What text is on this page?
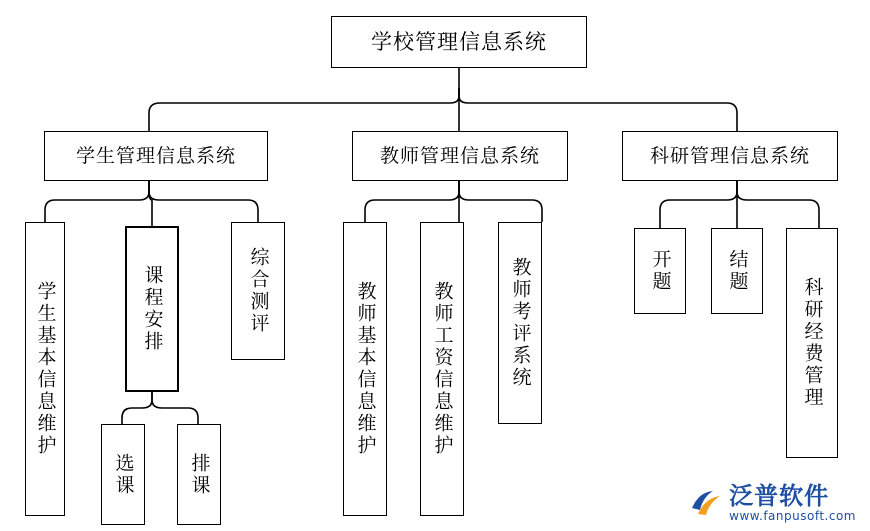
学校管理信息系统
学生管理信息系统
学生基本信息维护	课程安排	综合测评
选课	排课
教师管理信息系统
教师基本信息维护	教师工资信息维护	教师考评系统
科研管理信息系统
开题	结题
科研经费管理
泛普软件
www.fanpusoft.com
